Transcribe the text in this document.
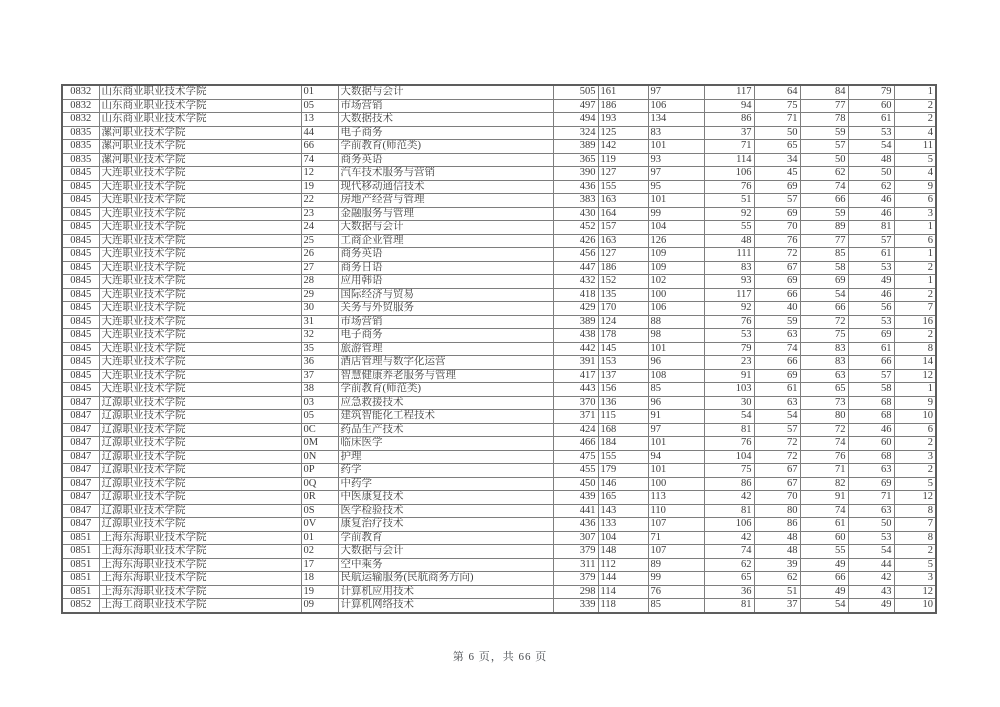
0832	山东商业职业技术学院	01	大数据与会计	505	161	97	117	64	84	79	1
0832	山东商业职业技术学院	05	市场营销	497	186	106	94	75	77	60	2
0832	山东商业职业技术学院	13	大数据技术	494	193	134	86	71	78	61	2
0835	漯河职业技术学院	44	电子商务	324	125	83	37	50	59	53	4
0835	漯河职业技术学院	66	学前教育(师范类)	389	142	101	71	65	57	54	11
0835	漯河职业技术学院	74	商务英语	365	119	93	114	34	50	48	5
0845	大连职业技术学院	12	汽车技术服务与营销	390	127	97	106	45	62	50	4
0845	大连职业技术学院	19	现代移动通信技术	436	155	95	76	69	74	62	9
0845	大连职业技术学院	22	房地产经营与管理	383	163	101	51	57	66	46	6
0845	大连职业技术学院	23	金融服务与管理	430	164	99	92	69	59	46	3
0845	大连职业技术学院	24	大数据与会计	452	157	104	55	70	89	81	1
0845	大连职业技术学院	25	工商企业管理	426	163	126	48	76	77	57	6
0845	大连职业技术学院	26	商务英语	456	127	109	111	72	85	61	1
0845	大连职业技术学院	27	商务日语	447	186	109	83	67	58	53	2
0845	大连职业技术学院	28	应用韩语	432	152	102	93	69	69	49	1
0845	大连职业技术学院	29	国际经济与贸易	418	135	100	117	66	54	46	2
0845	大连职业技术学院	30	关务与外贸服务	429	170	106	92	40	66	56	7
0845	大连职业技术学院	31	市场营销	389	124	88	76	59	72	53	16
0845	大连职业技术学院	32	电子商务	438	178	98	53	63	75	69	2
0845	大连职业技术学院	35	旅游管理	442	145	101	79	74	83	61	8
0845	大连职业技术学院	36	酒店管理与数字化运营	391	153	96	23	66	83	66	14
0845	大连职业技术学院	37	智慧健康养老服务与管理	417	137	108	91	69	63	57	12
0845	大连职业技术学院	38	学前教育(师范类)	443	156	85	103	61	65	58	1
0847	辽源职业技术学院	03	应急救援技术	370	136	96	30	63	73	68	9
0847	辽源职业技术学院	05	建筑智能化工程技术	371	115	91	54	54	80	68	10
0847	辽源职业技术学院	0C	药品生产技术	424	168	97	81	57	72	46	6
0847	辽源职业技术学院	0M	临床医学	466	184	101	76	72	74	60	2
0847	辽源职业技术学院	0N	护理	475	155	94	104	72	76	68	3
0847	辽源职业技术学院	0P	药学	455	179	101	75	67	71	63	2
0847	辽源职业技术学院	0Q	中药学	450	146	100	86	67	82	69	5
0847	辽源职业技术学院	0R	中医康复技术	439	165	113	42	70	91	71	12
0847	辽源职业技术学院	0S	医学检验技术	441	143	110	81	80	74	63	8
0847	辽源职业技术学院	0V	康复治疗技术	436	133	107	106	86	61	50	7
0851	上海东海职业技术学院	01	学前教育	307	104	71	42	48	60	53	8
0851	上海东海职业技术学院	02	大数据与会计	379	148	107	74	48	55	54	2
0851	上海东海职业技术学院	17	空中乘务	311	112	89	62	39	49	44	5
0851	上海东海职业技术学院	18	民航运输服务(民航商务方向)	379	144	99	65	62	66	42	3
0851	上海东海职业技术学院	19	计算机应用技术	298	114	76	36	51	49	43	12
0852	上海工商职业技术学院	09	计算机网络技术	339	118	85	81	37	54	49	10
第 6 页，共 66 页
